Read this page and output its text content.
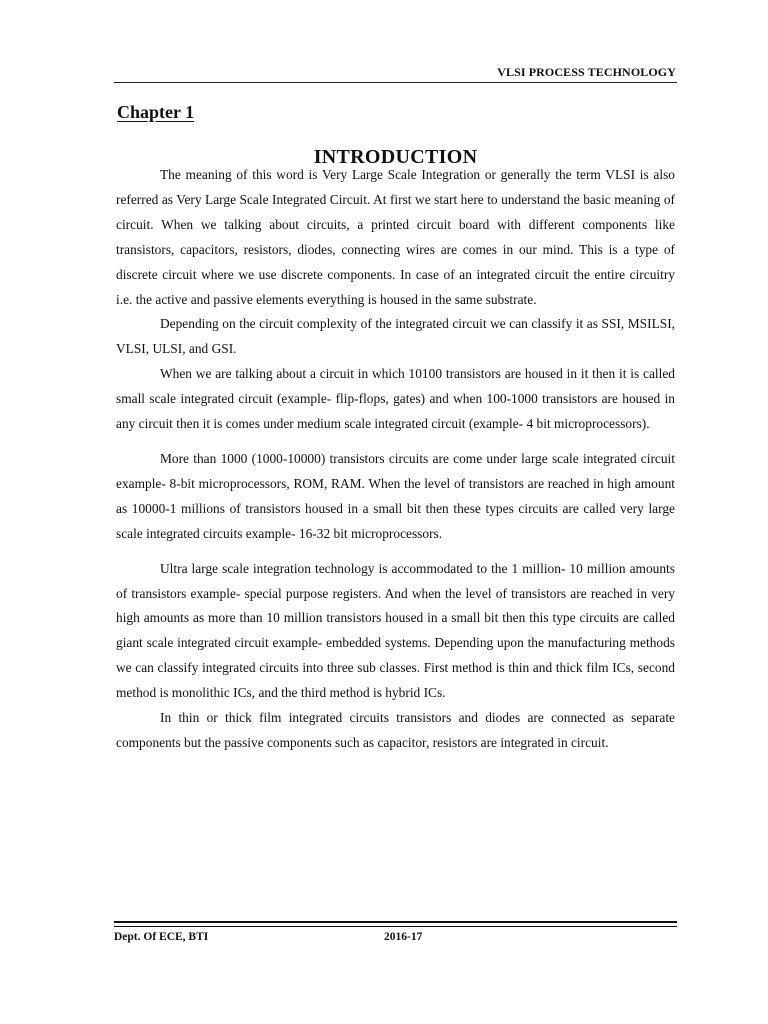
VLSI PROCESS TECHNOLOGY
Chapter 1
INTRODUCTION

The meaning of this word is Very Large Scale Integration or generally the term VLSI is also referred as Very Large Scale Integrated Circuit. At first we start here to understand the basic meaning of circuit. When we talking about circuits, a printed circuit board with different components like transistors, capacitors, resistors, diodes, connecting wires are comes in our mind. This is a type of discrete circuit where we use discrete components. In case of an integrated circuit the entire circuitry i.e. the active and passive elements everything is housed in the same substrate.

Depending on the circuit complexity of the integrated circuit we can classify it as SSI, MSILSI, VLSI, ULSI, and GSI.

When we are talking about a circuit in which 10100 transistors are housed in it then it is called small scale integrated circuit (example- flip-flops, gates) and when 100-1000 transistors are housed in any circuit then it is comes under medium scale integrated circuit (example- 4 bit microprocessors).

More than 1000 (1000-10000) transistors circuits are come under large scale integrated circuit example- 8-bit microprocessors, ROM, RAM. When the level of transistors are reached in high amount as 10000-1 millions of transistors housed in a small bit then these types circuits are called very large scale integrated circuits example- 16-32 bit microprocessors.

Ultra large scale integration technology is accommodated to the 1 million- 10 million amounts of transistors example- special purpose registers. And when the level of transistors are reached in very high amounts as more than 10 million transistors housed in a small bit then this type circuits are called giant scale integrated circuit example- embedded systems. Depending upon the manufacturing methods we can classify integrated circuits into three sub classes. First method is thin and thick film ICs, second method is monolithic ICs, and the third method is hybrid ICs.

In thin or thick film integrated circuits transistors and diodes are connected as separate components but the passive components such as capacitor, resistors are integrated in circuit.

Dept. Of ECE, BTI	2016-17
